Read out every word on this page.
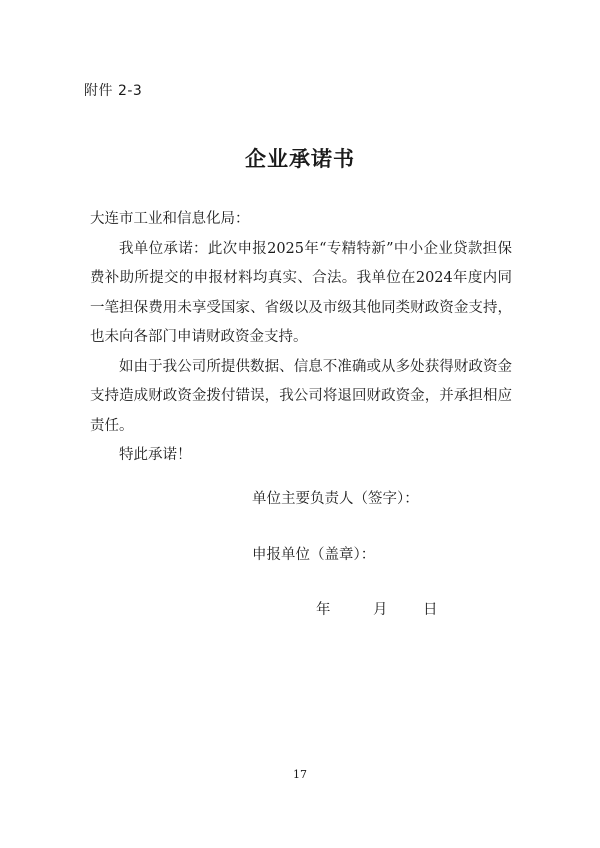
附件 2-3
企业承诺书

大连市工业和信息化局：

我单位承诺：此次申报2025年“专精特新”中小企业贷款担保费补助所提交的申报材料均真实、合法。我单位在2024年度内同一笔担保费用未享受国家、省级以及市级其他同类财政资金支持，也未向各部门申请财政资金支持。

如由于我公司所提供数据、信息不准确或从多处获得财政资金支持造成财政资金拨付错误，我公司将退回财政资金，并承担相应责任。

特此承诺！

单位主要负责人（签字）：
申报单位（盖章）：
年	月 日
17
